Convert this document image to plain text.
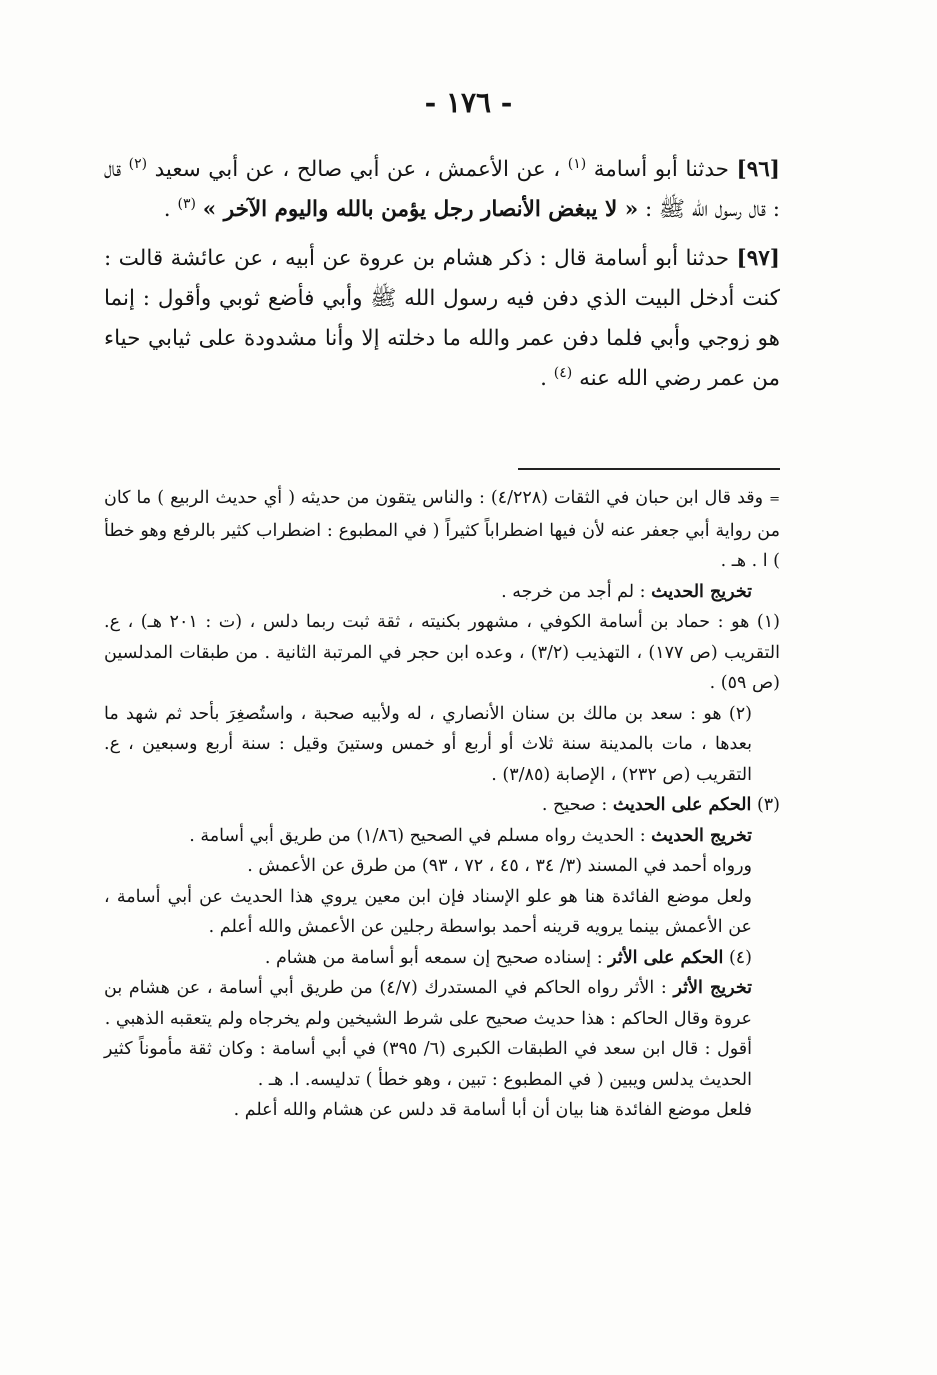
- ١٧٦ -

[٩٦] حدثنا أبو أسامة $^{(١)}$ ، عن الأعمش ، عن أبي صالح ، عن أبي سعيد $^{(٢)}$ قال : قال رسول الله ﷺ : « لا يبغض الأنصار رجل يؤمن بالله واليوم الآخر » $^{(٣)}$ .

[٩٧] حدثنا أبو أسامة قال : ذكر هشام بن عروة عن أبيه ، عن عائشة قالت : كنت أدخل البيت الذي دفن فيه رسول الله ﷺ وأبي فأضع ثوبي وأقول : إنما هو زوجي وأبي فلما دفن عمر والله ما دخلته إلا وأنا مشدودة على ثيابي حياء من عمر رضي الله عنه $^{(٤)}$ .

=وقد قال ابن حبان في الثقات (٤/٢٢٨) : والناس يتقون من حديثه ( أي حديث الربيع ) ما كان من رواية أبي جعفر عنه لأن فيها اضطراباً كثيراً ( في المطبوع : اضطراب كثير بالرفع وهو خطأ ) ا . هـ .

تخريج الحديث : لم أجد من خرجه .

(١) هو : حماد بن أسامة الكوفي ، مشهور بكنيته ، ثقة ثبت ربما دلس ، (ت : ٢٠١ هـ) ، ع. التقريب (ص ١٧٧) ، التهذيب (٣/٢) ، وعده ابن حجر في المرتبة الثانية . من طبقات المدلسين (ص ٥٩) .

(٢) هو : سعد بن مالك بن سنان الأنصاري ، له ولأبيه صحبة ، واستُصغِرَ بأحد ثم شهد ما بعدها ، مات بالمدينة سنة ثلاث أو أربع أو خمس وستينَ وقيل : سنة أربع وسبعين ، ع. التقريب (ص ٢٣٢) ، الإصابة (٣/٨٥) .

(٣) الحكم على الحديث : صحيح .

تخريج الحديث : الحديث رواه مسلم في الصحيح (١/٨٦) من طريق أبي أسامة .

ورواه أحمد في المسند (٣/ ٣٤ ، ٤٥ ، ٧٢ ، ٩٣) من طرق عن الأعمش .

ولعل موضع الفائدة هنا هو علو الإسناد فإن ابن معين يروي هذا الحديث عن أبي أسامة ، عن الأعمش بينما يرويه قرينه أحمد بواسطة رجلين عن الأعمش والله أعلم .

(٤) الحكم على الأثر : إسناده صحيح إن سمعه أبو أسامة من هشام .

تخريج الأثر : الأثر رواه الحاكم في المستدرك (٤/٧) من طريق أبي أسامة ، عن هشام بن عروة وقال الحاكم : هذا حديث صحيح على شرط الشيخين ولم يخرجاه ولم يتعقبه الذهبي .

أقول : قال ابن سعد في الطبقات الكبرى (٦/ ٣٩٥) في أبي أسامة : وكان ثقة مأموناً كثير الحديث يدلس ويبين ( في المطبوع : تبين ، وهو خطأ ) تدليسه. ا. هـ .

فلعل موضع الفائدة هنا بيان أن أبا أسامة قد دلس عن هشام والله أعلم .
